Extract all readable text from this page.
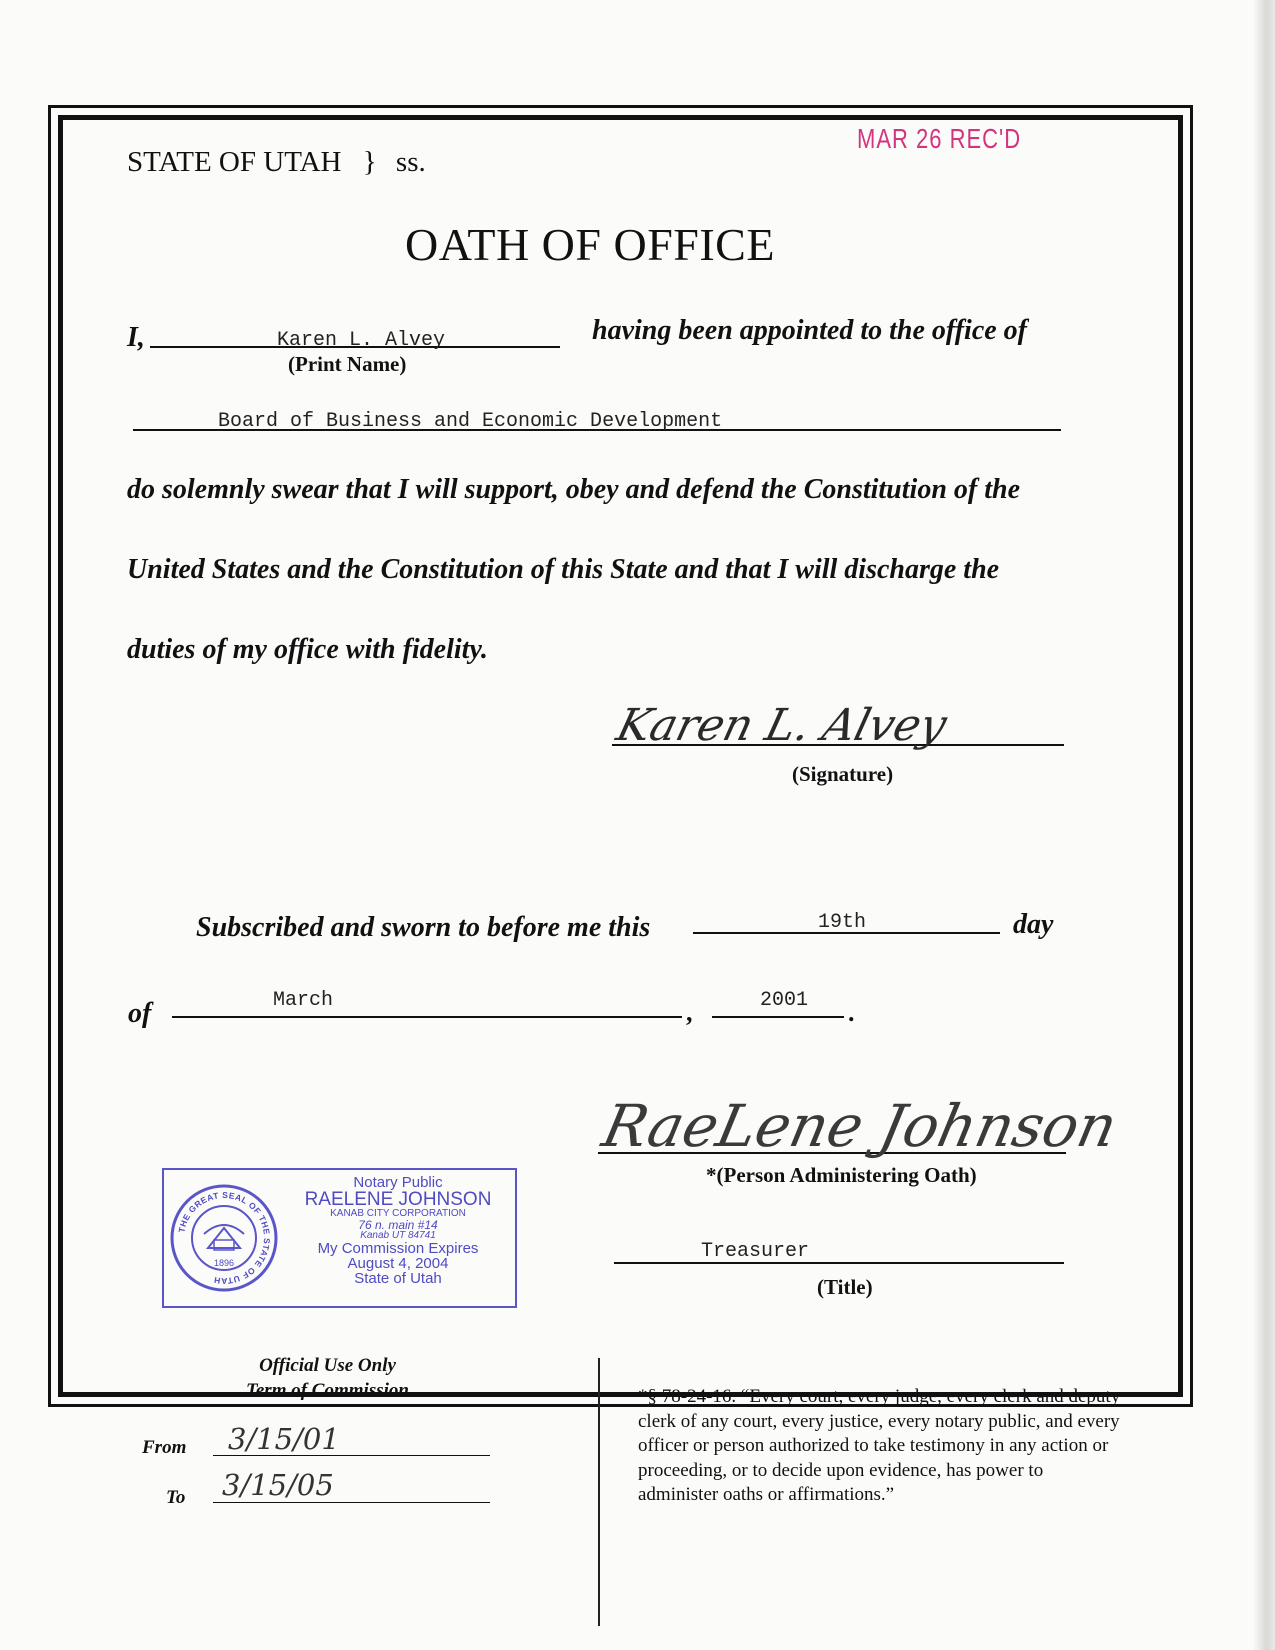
MAR 26 REC'D
STATE OF UTAH } ss.
OATH OF OFFICE
I,	Karen L. Alvey
(Print Name)
having been appointed to the office of
Board of Business and Economic Development
do solemnly swear that I will support, obey and defend the Constitution of the
United States and the Constitution of this State and that I will discharge the
duties of my office with fidelity.
Karen L. Alvey
(Signature)
Subscribed and sworn to before me this	19th	day
of	March	,	2001 .
THE GREAT SEAL OF THE STATE OF UTAH
1896
Notary Public
RAELENE JOHNSON
KANAB CITY CORPORATION
76 n. main #14
Kanab UT 84741
My Commission Expires
August 4, 2004
State of Utah
RaeLene Johnson
*(Person Administering Oath)
Treasurer
(Title)
Official Use Only
Term of Commission
From 3/15/01
To 3/15/05
*§ 78-24-16. “Every court, every judge, every clerk and deputy clerk of any court, every justice, every notary public, and every officer or person authorized to take testimony in any action or proceeding, or to decide upon evidence, has power to administer oaths or affirmations.”
